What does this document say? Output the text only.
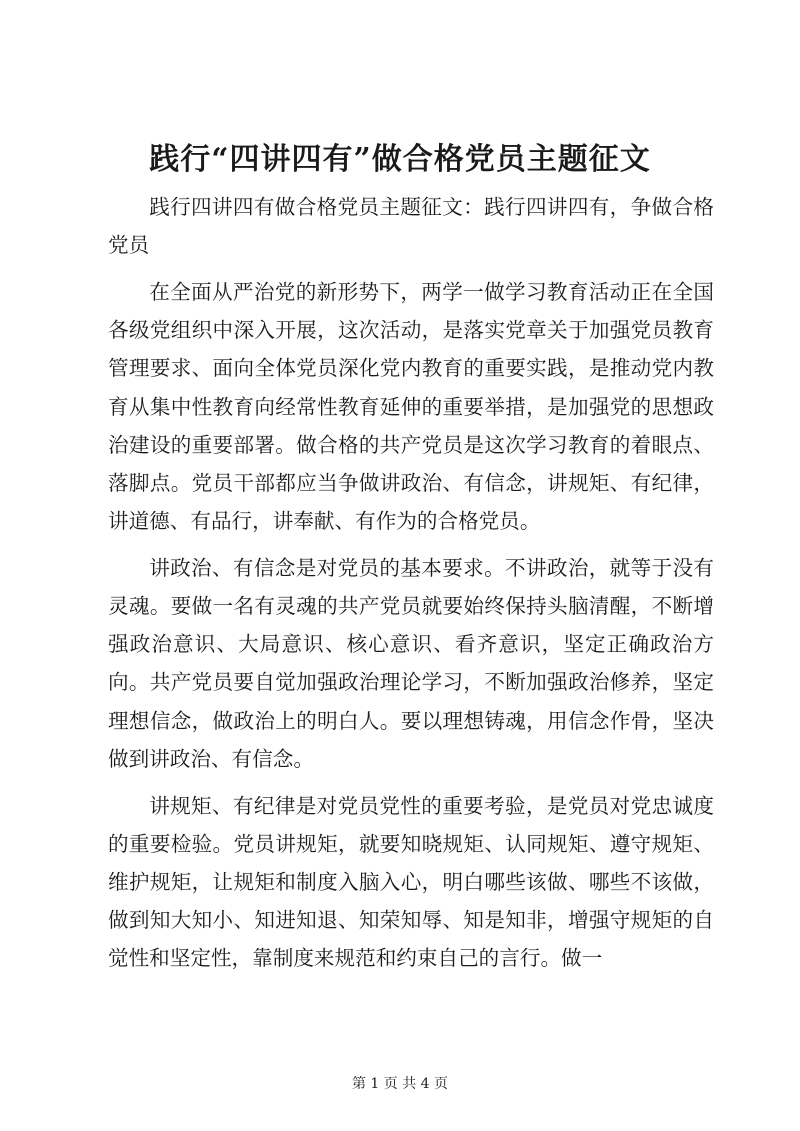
践行“四讲四有”做合格党员主题征文

践行四讲四有做合格党员主题征文：践行四讲四有，争做合格党员

在全面从严治党的新形势下，两学一做学习教育活动正在全国各级党组织中深入开展，这次活动，是落实党章关于加强党员教育管理要求、面向全体党员深化党内教育的重要实践，是推动党内教育从集中性教育向经常性教育延伸的重要举措，是加强党的思想政治建设的重要部署。做合格的共产党员是这次学习教育的着眼点、落脚点。党员干部都应当争做讲政治、有信念，讲规矩、有纪律，讲道德、有品行，讲奉献、有作为的合格党员。

讲政治、有信念是对党员的基本要求。不讲政治，就等于没有灵魂。要做一名有灵魂的共产党员就要始终保持头脑清醒，不断增强政治意识、大局意识、核心意识、看齐意识，坚定正确政治方向。共产党员要自觉加强政治理论学习，不断加强政治修养，坚定理想信念，做政治上的明白人。要以理想铸魂，用信念作骨，坚决做到讲政治、有信念。

讲规矩、有纪律是对党员党性的重要考验，是党员对党忠诚度的重要检验。党员讲规矩，就要知晓规矩、认同规矩、遵守规矩、维护规矩，让规矩和制度入脑入心，明白哪些该做、哪些不该做，做到知大知小、知进知退、知荣知辱、知是知非，增强守规矩的自觉性和坚定性，靠制度来规范和约束自己的言行。做一

第 1 页 共 4 页
